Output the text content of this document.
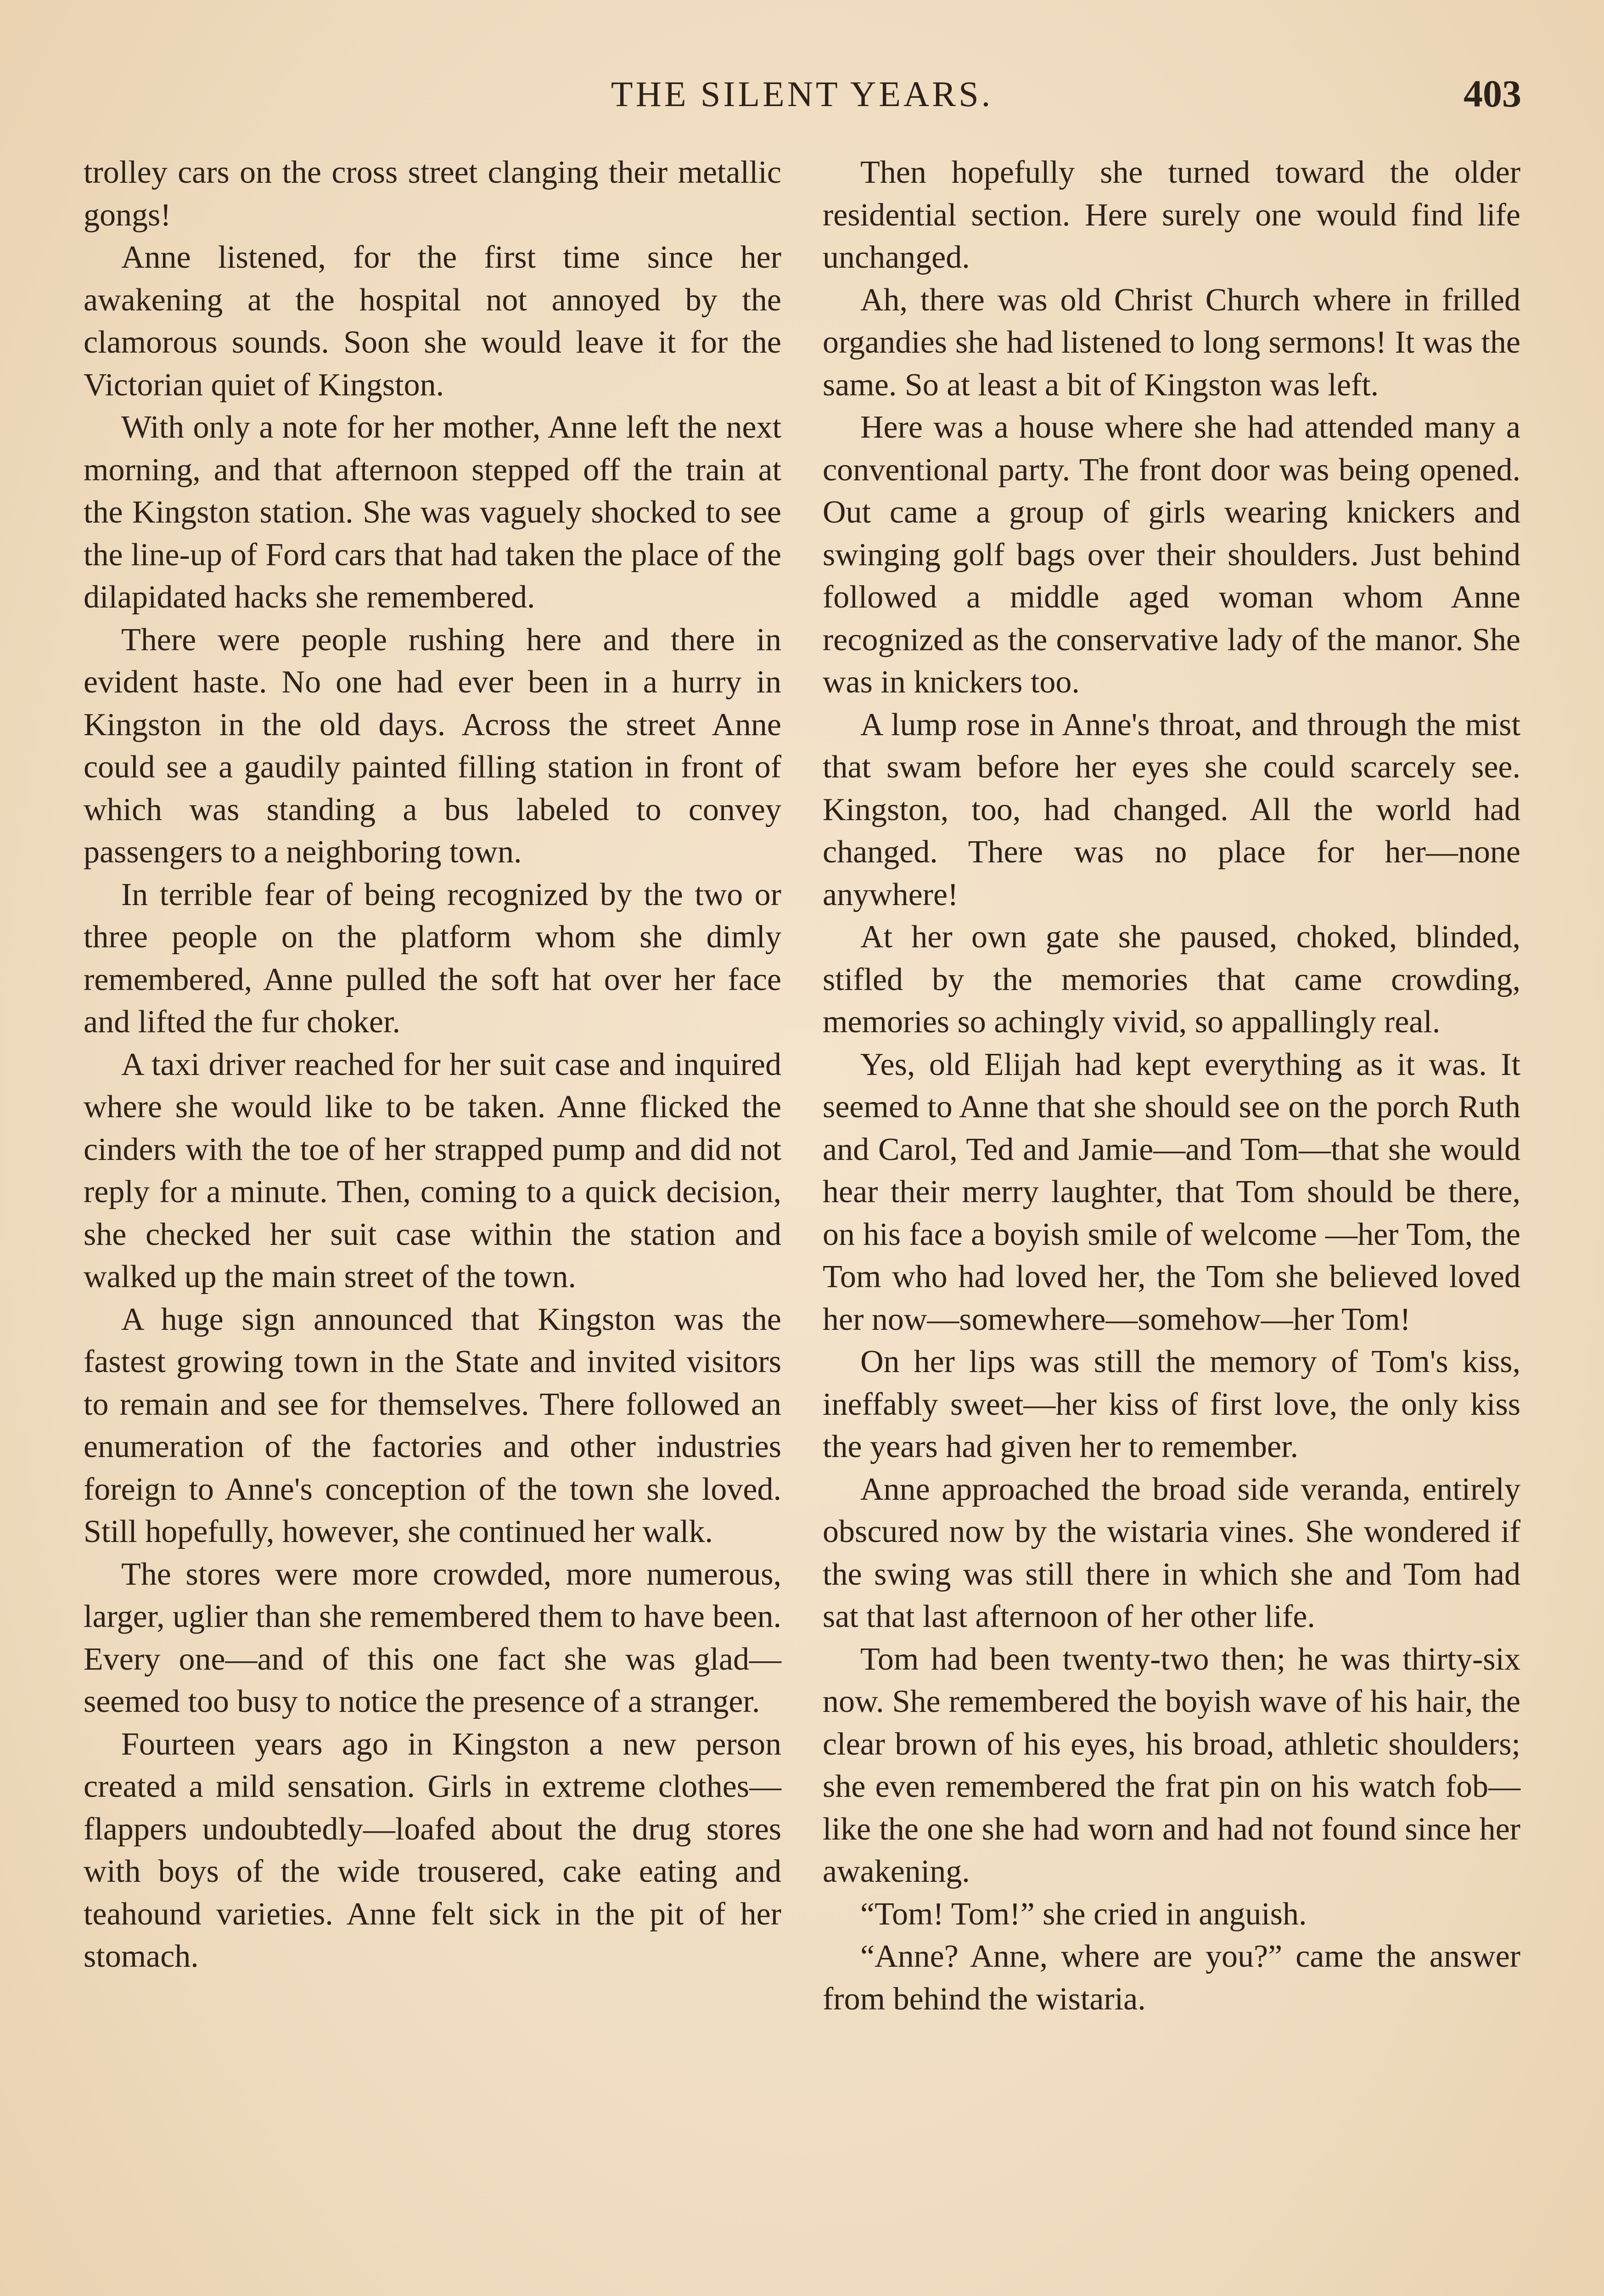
THE SILENT YEARS.	403

trolley cars on the cross street clanging their metallic gongs!

Anne listened, for the first time since her awakening at the hospital not annoyed by the clamorous sounds. Soon she would leave it for the Victorian quiet of Kingston.

With only a note for her mother, Anne left the next morning, and that afternoon stepped off the train at the Kingston station. She was vaguely shocked to see the line-up of Ford cars that had taken the place of the dilapidated hacks she remembered.

There were people rushing here and there in evident haste. No one had ever been in a hurry in Kingston in the old days. Across the street Anne could see a gaudily painted filling station in front of which was standing a bus labeled to convey passengers to a neighboring town.

In terrible fear of being recognized by the two or three people on the platform whom she dimly remembered, Anne pulled the soft hat over her face and lifted the fur choker.

A taxi driver reached for her suit case and inquired where she would like to be taken. Anne flicked the cinders with the toe of her strapped pump and did not reply for a minute. Then, coming to a quick decision, she checked her suit case within the station and walked up the main street of the town.

A huge sign announced that Kingston was the fastest growing town in the State and invited visitors to remain and see for themselves. There followed an enumeration of the factories and other industries foreign to Anne's conception of the town she loved. Still hopefully, however, she continued her walk.

The stores were more crowded, more numerous, larger, uglier than she remembered them to have been. Every one—and of this one fact she was glad—seemed too busy to notice the presence of a stranger.

Fourteen years ago in Kingston a new person created a mild sensation. Girls in extreme clothes—flappers undoubtedly—loafed about the drug stores with boys of the wide trousered, cake eating and teahound varieties. Anne felt sick in the pit of her stomach.

Then hopefully she turned toward the older residential section. Here surely one would find life unchanged.

Ah, there was old Christ Church where in frilled organdies she had listened to long sermons! It was the same. So at least a bit of Kingston was left.

Here was a house where she had attended many a conventional party. The front door was being opened. Out came a group of girls wearing knickers and swinging golf bags over their shoulders. Just behind followed a middle aged woman whom Anne recognized as the conservative lady of the manor. She was in knickers too.

A lump rose in Anne's throat, and through the mist that swam before her eyes she could scarcely see. Kingston, too, had changed. All the world had changed. There was no place for her—none anywhere!

At her own gate she paused, choked, blinded, stifled by the memories that came crowding, memories so achingly vivid, so appallingly real.

Yes, old Elijah had kept everything as it was. It seemed to Anne that she should see on the porch Ruth and Carol, Ted and Jamie—and Tom—that she would hear their merry laughter, that Tom should be there, on his face a boyish smile of welcome —her Tom, the Tom who had loved her, the Tom she believed loved her now—somewhere—somehow—her Tom!

On her lips was still the memory of Tom's kiss, ineffably sweet—her kiss of first love, the only kiss the years had given her to remember.

Anne approached the broad side veranda, entirely obscured now by the wistaria vines. She wondered if the swing was still there in which she and Tom had sat that last afternoon of her other life.

Tom had been twenty-two then; he was thirty-six now. She remembered the boyish wave of his hair, the clear brown of his eyes, his broad, athletic shoulders; she even remembered the frat pin on his watch fob—like the one she had worn and had not found since her awakening.

“Tom! Tom!” she cried in anguish.

“Anne? Anne, where are you?” came the answer from behind the wistaria.
